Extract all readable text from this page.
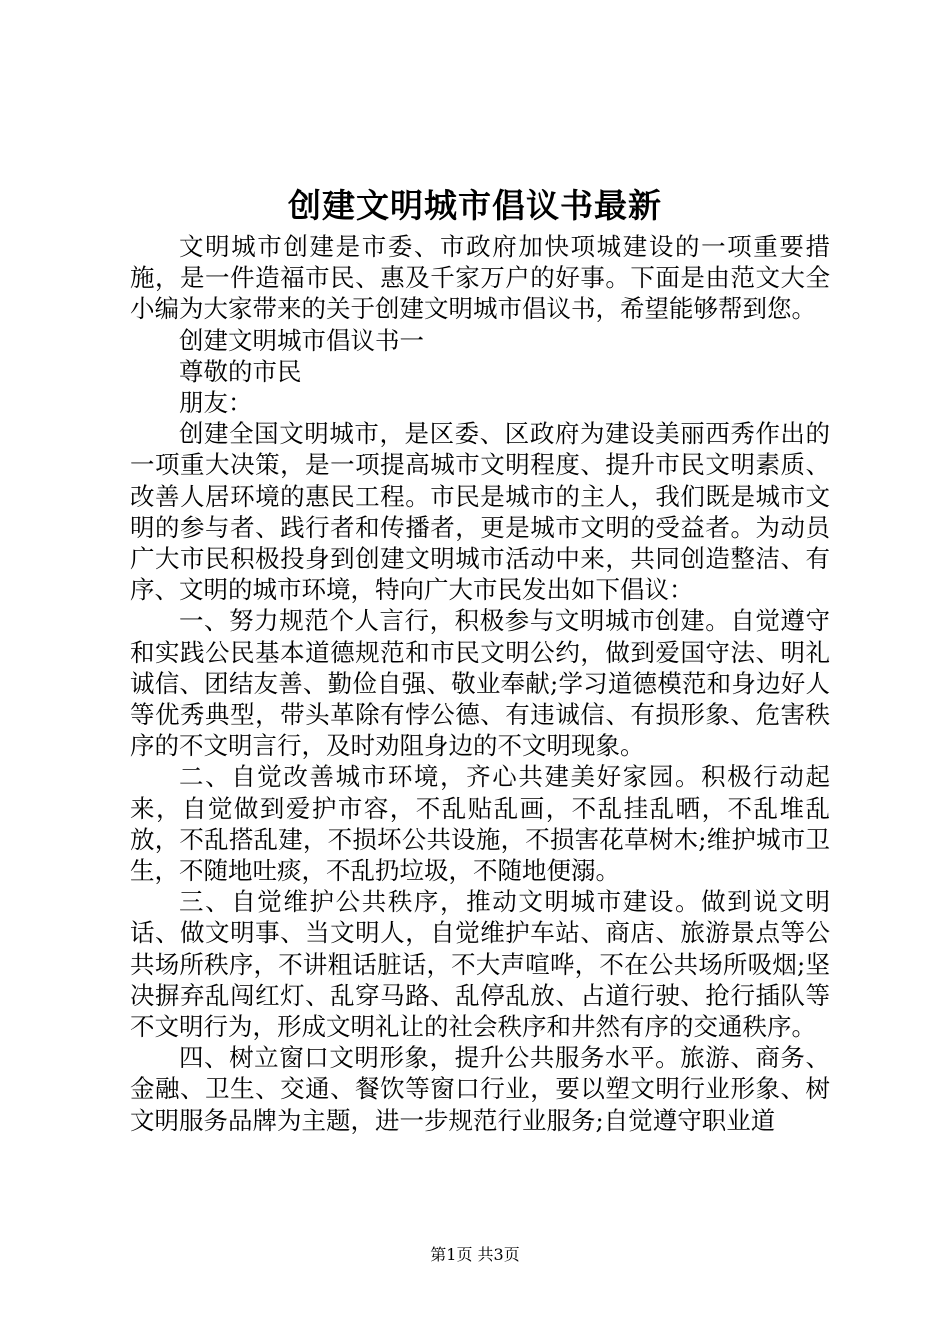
创建文明城市倡议书最新

文明城市创建是市委、市政府加快项城建设的一项重要措施，是一件造福市民、惠及千家万户的好事。下面是由范文大全小编为大家带来的关于创建文明城市倡议书，希望能够帮到您。

创建文明城市倡议书一

尊敬的市民

朋友：

创建全国文明城市，是区委、区政府为建设美丽西秀作出的一项重大决策，是一项提高城市文明程度、提升市民文明素质、改善人居环境的惠民工程。市民是城市的主人，我们既是城市文明的参与者、践行者和传播者，更是城市文明的受益者。为动员广大市民积极投身到创建文明城市活动中来，共同创造整洁、有序、文明的城市环境，特向广大市民发出如下倡议：

一、努力规范个人言行，积极参与文明城市创建。自觉遵守和实践公民基本道德规范和市民文明公约，做到爱国守法、明礼诚信、团结友善、勤俭自强、敬业奉献;学习道德模范和身边好人等优秀典型，带头革除有悖公德、有违诚信、有损形象、危害秩序的不文明言行，及时劝阻身边的不文明现象。

二、自觉改善城市环境，齐心共建美好家园。积极行动起来，自觉做到爱护市容，不乱贴乱画，不乱挂乱晒，不乱堆乱放，不乱搭乱建，不损坏公共设施，不损害花草树木;维护城市卫生，不随地吐痰，不乱扔垃圾，不随地便溺。

三、自觉维护公共秩序，推动文明城市建设。做到说文明话、做文明事、当文明人，自觉维护车站、商店、旅游景点等公共场所秩序，不讲粗话脏话，不大声喧哗，不在公共场所吸烟;坚决摒弃乱闯红灯、乱穿马路、乱停乱放、占道行驶、抢行插队等不文明行为，形成文明礼让的社会秩序和井然有序的交通秩序。

四、树立窗口文明形象，提升公共服务水平。旅游、商务、金融、卫生、交通、餐饮等窗口行业，要以塑文明行业形象、树文明服务品牌为主题，进一步规范行业服务;自觉遵守职业道

第1页 共3页
